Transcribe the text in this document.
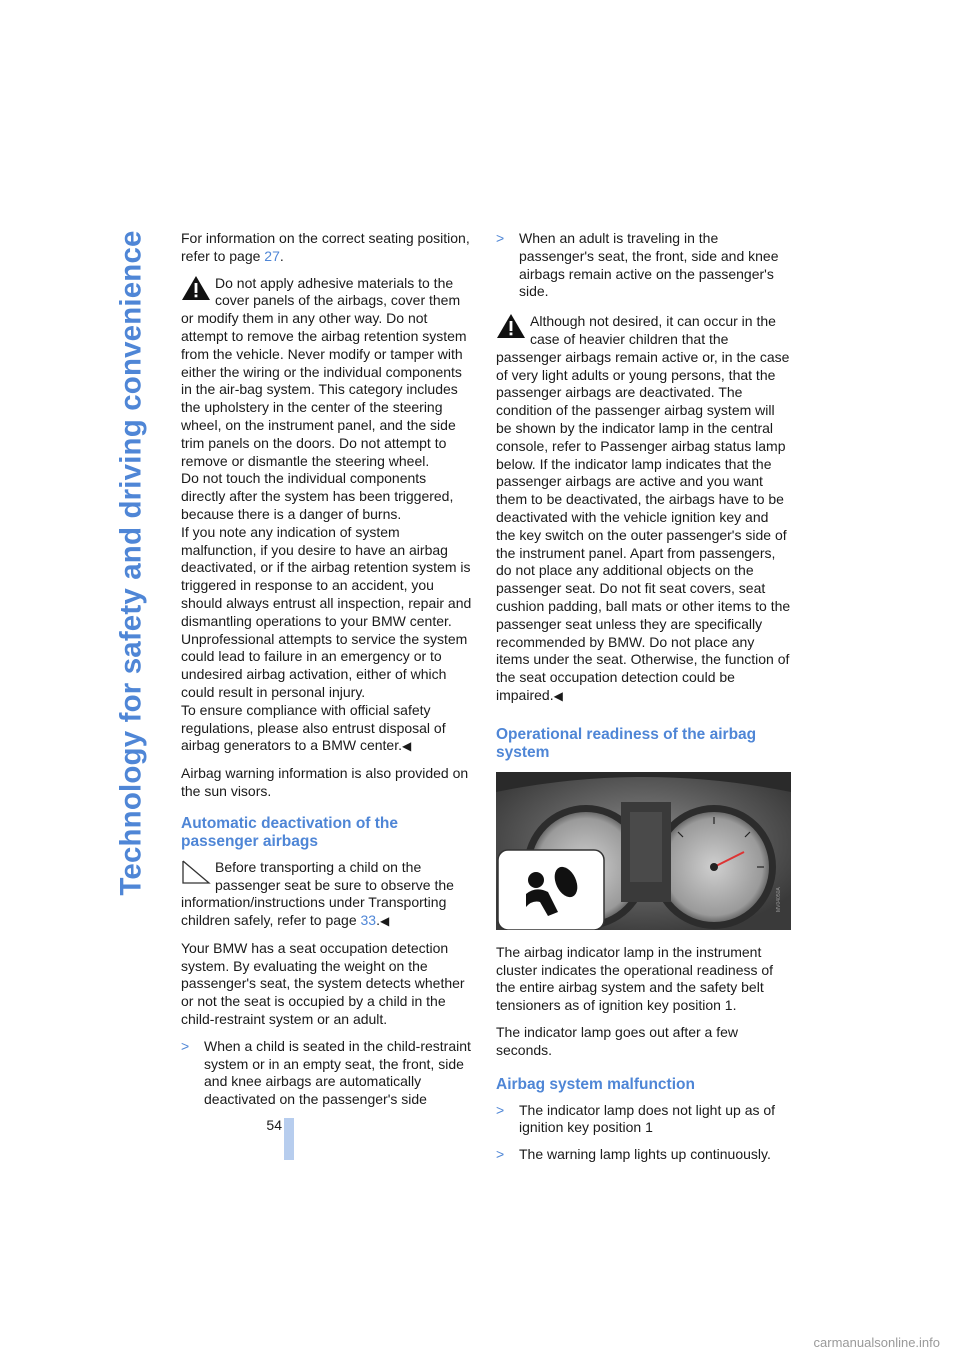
Technology for safety and driving convenience For information on the correct seating position, refer to page 27.

Do not apply adhesive materials to the cover panels of the airbags, cover them or modify them in any other way. Do not attempt to remove the airbag retention system from the vehicle. Never modify or tamper with either the wiring or the individual components in the air-bag system. This category includes the upholstery in the center of the steering wheel, on the instrument panel, and the side trim panels on the doors. Do not attempt to remove or dismantle the steering wheel.

Do not touch the individual components directly after the system has been triggered, because there is a danger of burns.

If you note any indication of system malfunction, if you desire to have an airbag deactivated, or if the airbag retention system is triggered in response to an accident, you should always entrust all inspection, repair and dismantling operations to your BMW center. Unprofessional attempts to service the system could lead to failure in an emergency or to undesired airbag activation, either of which could result in personal injury.

To ensure compliance with official safety regulations, please also entrust disposal of airbag generators to a BMW center.◀

Airbag warning information is also provided on the sun visors.

Automatic deactivation of the passenger airbags

Before transporting a child on the passenger seat be sure to observe the information/instructions under Transporting children safely, refer to page 33.◀

Your BMW has a seat occupation detection system. By evaluating the weight on the passenger's seat, the system detects whether or not the seat is occupied by a child in the child-restraint system or an adult.

> When a child is seated in the child-restraint system or in an empty seat, the front, side and knee airbags are automatically deactivated on the passenger's side
> When an adult is traveling in the passenger's seat, the front, side and knee airbags remain active on the passenger's side.

Although not desired, it can occur in the case of heavier children that the passenger airbags remain active or, in the case of very light adults or young persons, that the passenger airbags are deactivated. The condition of the passenger airbag system will be shown by the indicator lamp in the central console, refer to Passenger airbag status lamp below. If the indicator lamp indicates that the passenger airbags are active and you want them to be deactivated, the airbags have to be deactivated with the vehicle ignition key and the key switch on the outer passenger's side of the instrument panel. Apart from passengers, do not place any additional objects on the passenger seat. Do not fit seat covers, seat cushion padding, ball mats or other items to the passenger seat unless they are specifically recommended by BMW. Do not place any items under the seat. Otherwise, the function of the seat occupation detection could be impaired.◀

Operational readiness of the airbag system
MV04050A

The airbag indicator lamp in the instrument cluster indicates the operational readiness of the entire airbag system and the safety belt tensioners as of ignition key position 1.

The indicator lamp goes out after a few seconds.

Airbag system malfunction
> The indicator lamp does not light up as of ignition key position 1
> The warning lamp lights up continuously.
54
carmanualsonline.info
